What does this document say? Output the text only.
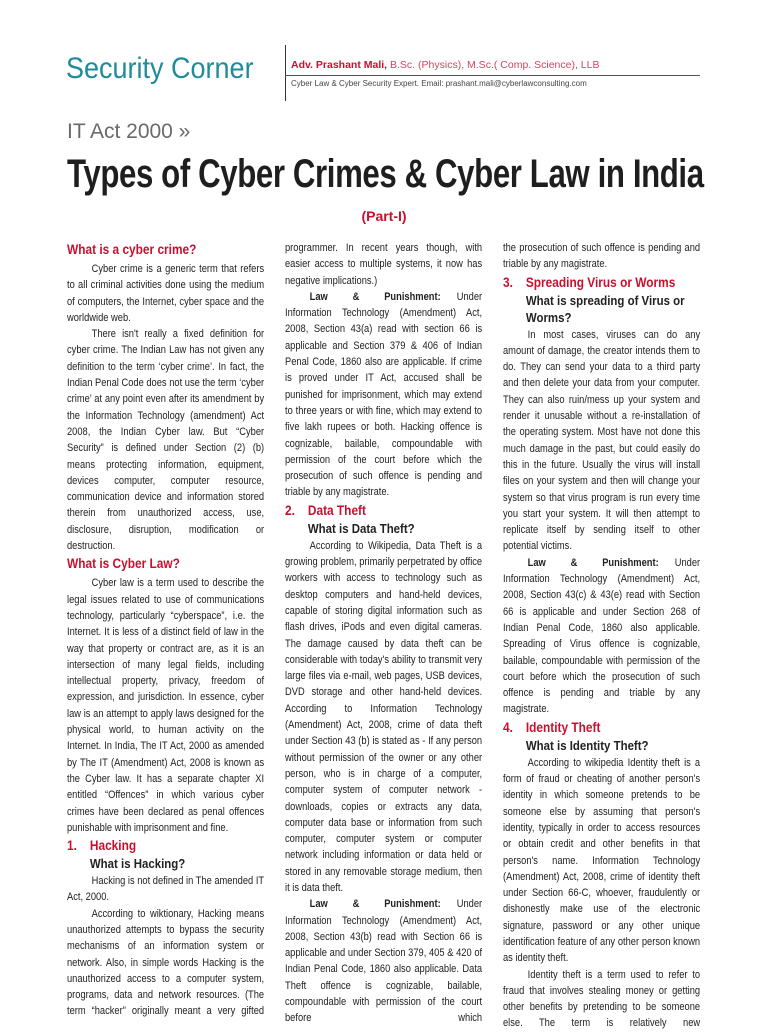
Security Corner	Adv. Prashant Mali, B.Sc. (Physics), M.Sc.( Comp. Science), LLB
Cyber Law & Cyber Security Expert. Email: prashant.mali@cyberlawconsulting.com
IT Act 2000 »
Types of Cyber Crimes & Cyber Law in India
(Part-I)
What is a cyber crime?

Cyber crime is a generic term that refers to all criminal activities done using the medium of computers, the Internet, cyber space and the worldwide web.

There isn't really a fixed definition for cyber crime. The Indian Law has not given any definition to the term ‘cyber crime’. In fact, the Indian Penal Code does not use the term ‘cyber crime’ at any point even after its amendment by the Information Technology (amendment) Act 2008, the Indian Cyber law. But “Cyber Security” is defined under Section (2) (b) means protecting information, equipment, devices computer, computer resource, communication device and information stored therein from unauthorized access, use, disclosure, disruption, modification or destruction.

What is Cyber Law?

Cyber law is a term used to describe the legal issues related to use of communications technology, particularly “cyberspace”, i.e. the Internet. It is less of a distinct field of law in the way that property or contract are, as it is an intersection of many legal fields, including intellectual property, privacy, freedom of expression, and jurisdiction. In essence, cyber law is an attempt to apply laws designed for the physical world, to human activity on the Internet. In India, The IT Act, 2000 as amended by The IT (Amendment) Act, 2008 is known as the Cyber law. It has a separate chapter XI entitled “Offences” in which various cyber crimes have been declared as penal offences punishable with imprisonment and fine.

1. Hacking
What is Hacking?

Hacking is not defined in The amended IT Act, 2000.

According to wiktionary, Hacking means unauthorized attempts to bypass the security mechanisms of an information system or network. Also, in simple words Hacking is the unauthorized access to a computer system, programs, data and network resources. (The term “hacker” originally meant a very gifted

programmer. In recent years though, with easier access to multiple systems, it now has negative implications.)

Law & Punishment: Under Information Technology (Amendment) Act, 2008, Section 43(a) read with section 66 is applicable and Section 379 & 406 of Indian Penal Code, 1860 also are applicable. If crime is proved under IT Act, accused shall be punished for imprisonment, which may extend to three years or with fine, which may extend to five lakh rupees or both. Hacking offence is cognizable, bailable, compoundable with permission of the court before which the prosecution of such offence is pending and triable by any magistrate.

2. Data Theft
What is Data Theft?

According to Wikipedia, Data Theft is a growing problem, primarily perpetrated by office workers with access to technology such as desktop computers and hand-held devices, capable of storing digital information such as flash drives, iPods and even digital cameras. The damage caused by data theft can be considerable with today's ability to transmit very large files via e-mail, web pages, USB devices, DVD storage and other hand-held devices. According to Information Technology (Amendment) Act, 2008, crime of data theft under Section 43 (b) is stated as - If any person without permission of the owner or any other person, who is in charge of a computer, computer system of computer network - downloads, copies or extracts any data, computer data base or information from such computer, computer system or computer network including information or data held or stored in any removable storage medium, then it is data theft.

Law & Punishment: Under Information Technology (Amendment) Act, 2008, Section 43(b) read with Section 66 is applicable and under Section 379, 405 & 420 of Indian Penal Code, 1860 also applicable. Data Theft offence is cognizable, bailable, compoundable with permission of the court before which

the prosecution of such offence is pending and triable by any magistrate.

3. Spreading Virus or Worms
What is spreading of Virus or Worms?

In most cases, viruses can do any amount of damage, the creator intends them to do. They can send your data to a third party and then delete your data from your computer. They can also ruin/mess up your system and render it unusable without a re-installation of the operating system. Most have not done this much damage in the past, but could easily do this in the future. Usually the virus will install files on your system and then will change your system so that virus program is run every time you start your system. It will then attempt to replicate itself by sending itself to other potential victims.

Law & Punishment: Under Information Technology (Amendment) Act, 2008, Section 43(c) & 43(e) read with Section 66 is applicable and under Section 268 of Indian Penal Code, 1860 also applicable. Spreading of Virus offence is cognizable, bailable, compoundable with permission of the court before which the prosecution of such offence is pending and triable by any magistrate.

4. Identity Theft
What is Identity Theft?

According to wikipedia Identity theft is a form of fraud or cheating of another person's identity in which someone pretends to be someone else by assuming that person's identity, typically in order to access resources or obtain credit and other benefits in that person's name. Information Technology (Amendment) Act, 2008, crime of identity theft under Section 66-C, whoever, fraudulently or dishonestly make use of the electronic signature, password or any other unique identification feature of any other person known as identity theft.

Identity theft is a term used to refer to fraud that involves stealing money or getting other benefits by pretending to be someone else. The term is relatively new
